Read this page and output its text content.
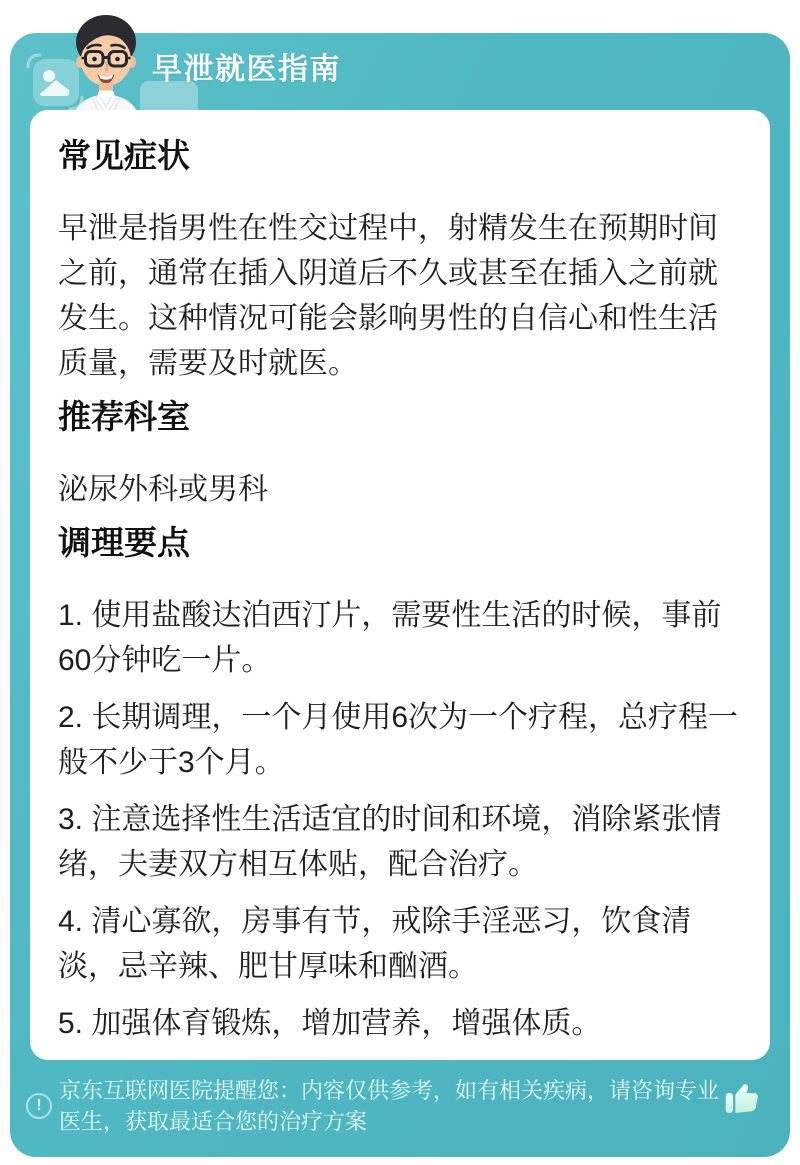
早泄就医指南
常见症状

早泄是指男性在性交过程中，射精发生在预期时间之前，通常在插入阴道后不久或甚至在插入之前就发生。这种情况可能会影响男性的自信心和性生活质量，需要及时就医。

推荐科室

泌尿外科或男科

调理要点

1. 使用盐酸达泊西汀片，需要性生活的时候，事前60分钟吃一片。

2. 长期调理，一个月使用6次为一个疗程，总疗程一般不少于3个月。

3. 注意选择性生活适宜的时间和环境，消除紧张情绪，夫妻双方相互体贴，配合治疗。

4. 清心寡欲，房事有节，戒除手淫恶习，饮食清淡，忌辛辣、肥甘厚味和酗酒。

5. 加强体育锻炼，增加营养，增强体质。

!
京东互联网医院提醒您：内容仅供参考，如有相关疾病，请咨询专业医生，获取最适合您的治疗方案
